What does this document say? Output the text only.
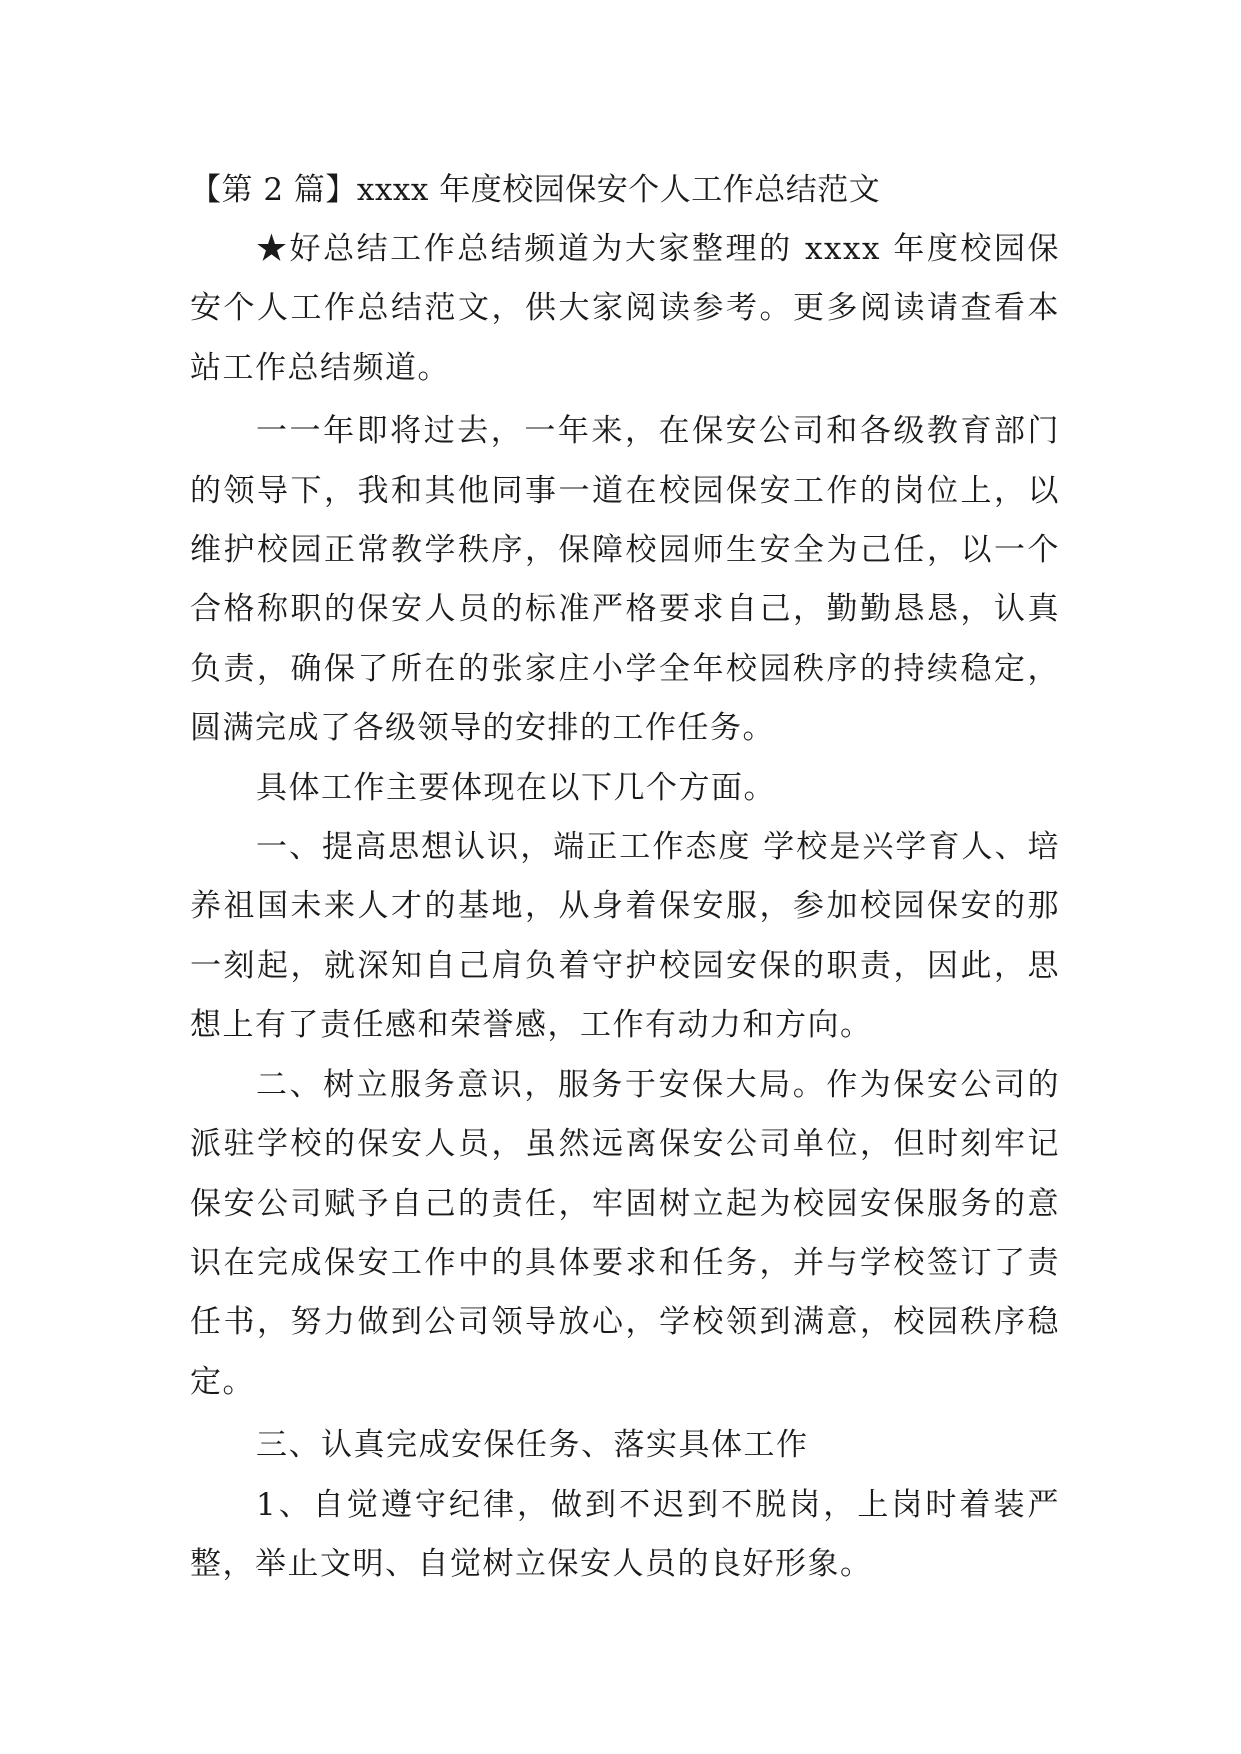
【第 2 篇】xxxx 年度校园保安个人工作总结范文

★好总结工作总结频道为大家整理的 xxxx 年度校园保安个人工作总结范文，供大家阅读参考。更多阅读请查看本站工作总结频道。

一一年即将过去，一年来，在保安公司和各级教育部门的领导下，我和其他同事一道在校园保安工作的岗位上，以维护校园正常教学秩序，保障校园师生安全为己任，以一个合格称职的保安人员的标准严格要求自己，勤勤恳恳，认真负责，确保了所在的张家庄小学全年校园秩序的持续稳定，圆满完成了各级领导的安排的工作任务。

具体工作主要体现在以下几个方面。

一、提高思想认识，端正工作态度 学校是兴学育人、培养祖国未来人才的基地，从身着保安服，参加校园保安的那一刻起，就深知自己肩负着守护校园安保的职责，因此，思想上有了责任感和荣誉感，工作有动力和方向。

二、树立服务意识，服务于安保大局。作为保安公司的派驻学校的保安人员，虽然远离保安公司单位，但时刻牢记保安公司赋予自己的责任，牢固树立起为校园安保服务的意识在完成保安工作中的具体要求和任务，并与学校签订了责任书，努力做到公司领导放心，学校领到满意，校园秩序稳定。

三、认真完成安保任务、落实具体工作

1、自觉遵守纪律，做到不迟到不脱岗，上岗时着装严整，举止文明、自觉树立保安人员的良好形象。
